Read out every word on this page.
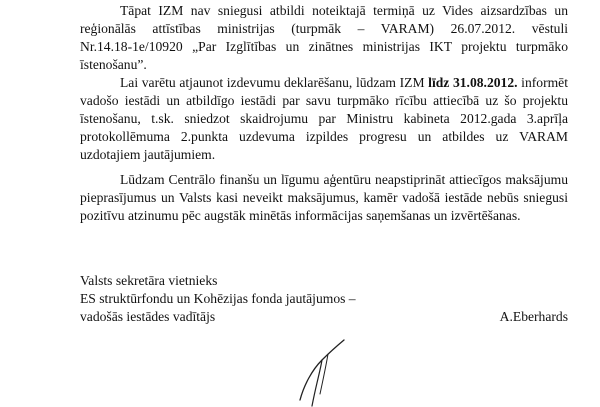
Tāpat IZM nav sniegusi atbildi noteiktajā termiņā uz Vides aizsardzības un
reģionālās attīstības ministrijas (turpmāk – VARAM) 26.07.2012. vēstuli
Nr.14.18-1e/10920 „Par Izglītības un zinātnes ministrijas IKT projektu turpmāko
īstenošanu”.
Lai varētu atjaunot izdevumu deklarēšanu, lūdzam IZM līdz 31.08.2012. informēt
vadošo iestādi un atbildīgo iestādi par savu turpmāko rīcību attiecībā uz šo projektu
īstenošanu, t.sk. sniedzot skaidrojumu par Ministru kabineta 2012.gada 3.aprīļa
protokollēmuma 2.punkta uzdevuma izpildes progresu un atbildes uz VARAM
uzdotajiem jautājumiem.
Lūdzam Centrālo finanšu un līgumu aģentūru neapstiprināt attiecīgos maksājumu
pieprasījumus un Valsts kasi neveikt maksājumus, kamēr vadošā iestāde nebūs sniegusi
pozitīvu atzinumu pēc augstāk minētās informācijas saņemšanas un izvērtēšanas.
Valsts sekretāra vietnieks
ES struktūrfondu un Kohēzijas fonda jautājumos –
vadošās iestādes vadītājs	A.Eberhards
